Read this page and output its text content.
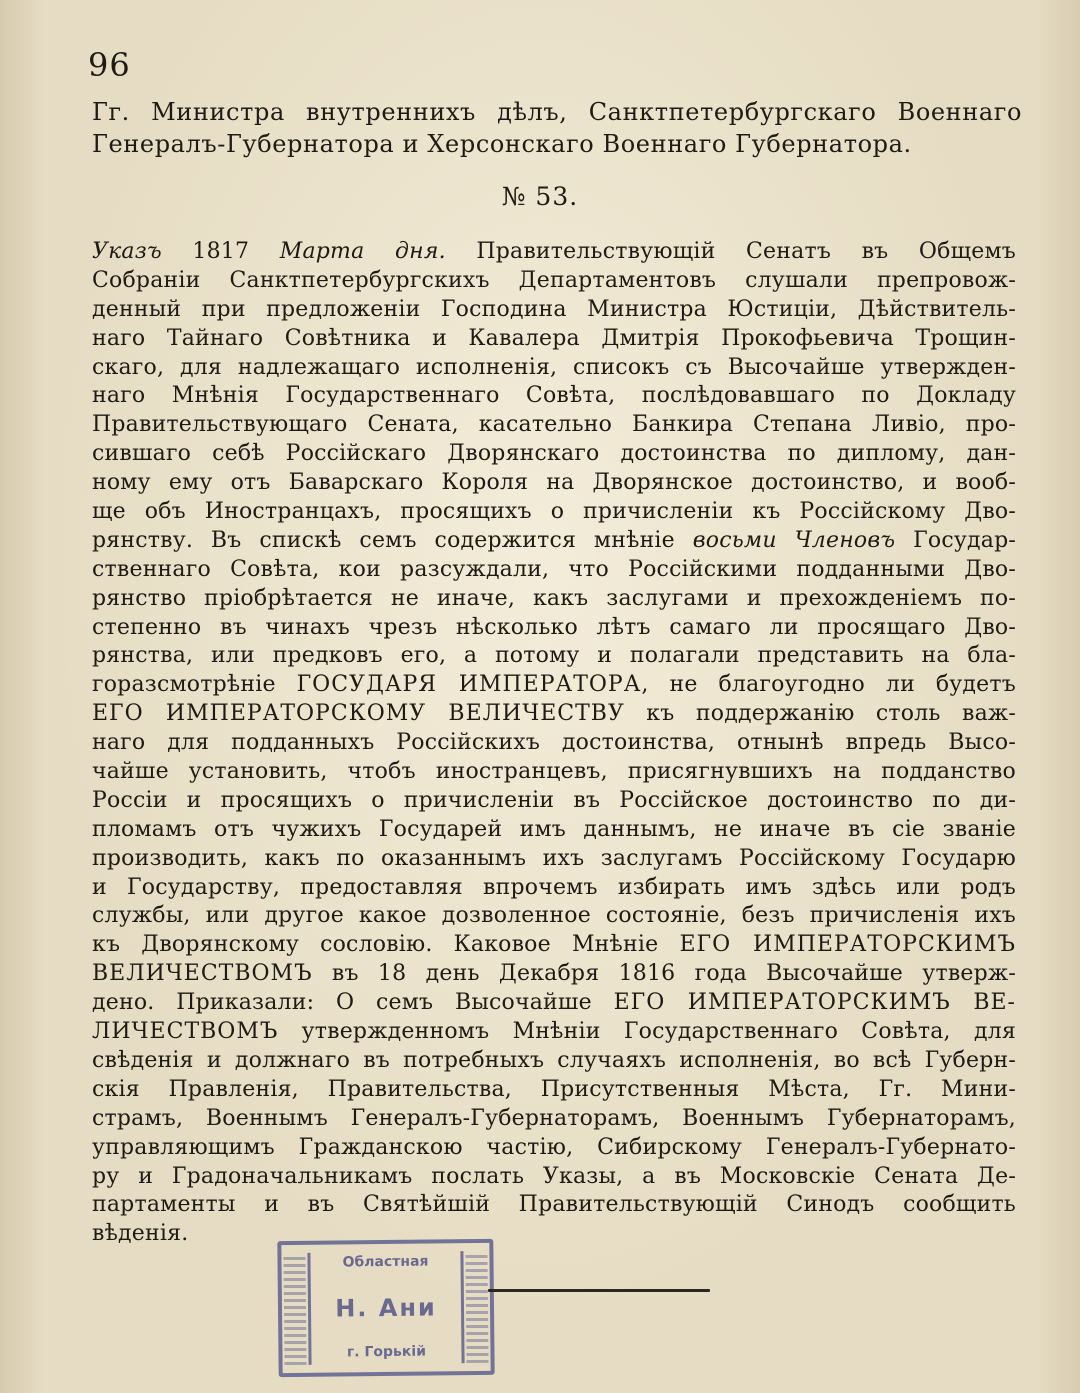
96
Гг. Министра внутреннихъ дѣлъ, Санктпетербургскаго Военнаго Генералъ-Губернатора и Херсонскаго Военнаго Губернатора.
№ 53.
Указъ 1817 Марта дня. Правительствующій Сенатъ въ Общемъ
Собраніи Санктпетербургскихъ Департаментовъ слушали препровож-
денный при предложеніи Господина Министра Юстиціи, Дѣйствитель-
наго Тайнаго Совѣтника и Кавалера Дмитрія Прокофьевича Трощин-
скаго, для надлежащаго исполненія, списокъ съ Высочайше утвержден-
наго Мнѣнія Государственнаго Совѣта, послѣдовавшаго по Докладу
Правительствующаго Сената, касательно Банкира Степана Ливіо, про-
сившаго себѣ Россійскаго Дворянскаго достоинства по диплому, дан-
ному ему отъ Баварскаго Короля на Дворянское достоинство, и вооб-
ще объ Иностранцахъ, просящихъ о причисленіи къ Россійскому Дво-
рянству. Въ спискѣ семъ содержится мнѣніе восьми Членовъ Государ-
ственнаго Совѣта, кои разсуждали, что Россійскими подданными Дво-
рянство пріобрѣтается не иначе, какъ заслугами и прехожденіемъ по-
степенно въ чинахъ чрезъ нѣсколько лѣтъ самаго ли просящаго Дво-
рянства, или предковъ его, а потому и полагали представить на бла-
горазсмотрѣніе ГОСУДАРЯ ИМПЕРАТОРА, не благоугодно ли будетъ
ЕГО ИМПЕРАТОРСКОМУ ВЕЛИЧЕСТВУ къ поддержанію столь важ-
наго для подданныхъ Россійскихъ достоинства, отнынѣ впредь Высо-
чайше установить, чтобъ иностранцевъ, присягнувшихъ на подданство
Россіи и просящихъ о причисленіи въ Россійское достоинство по ди-
пломамъ отъ чужихъ Государей имъ даннымъ, не иначе въ сіе званіе
производить, какъ по оказаннымъ ихъ заслугамъ Россійскому Государю
и Государству, предоставляя впрочемъ избирать имъ здѣсь или родъ
службы, или другое какое дозволенное состояніе, безъ причисленія ихъ
къ Дворянскому сословію. Каковое Мнѣніе ЕГО ИМПЕРАТОРСКИМЪ
ВЕЛИЧЕСТВОМЪ въ 18 день Декабря 1816 года Высочайше утверж-
дено. Приказали: О семъ Высочайше ЕГО ИМПЕРАТОРСКИМЪ ВЕ-
ЛИЧЕСТВОМЪ утвержденномъ Мнѣніи Государственнаго Совѣта, для
свѣденія и должнаго въ потребныхъ случаяхъ исполненія, во всѣ Губерн-
скія Правленія, Правительства, Присутственныя Мѣста, Гг. Мини-
страмъ, Военнымъ Генералъ-Губернаторамъ, Военнымъ Губернаторамъ,
управляющимъ Гражданскою частію, Сибирскому Генералъ-Губернато-
ру и Градоначальникамъ послать Указы, а въ Московскіе Сената Де-
партаменты и въ Святѣйшій Правительствующій Синодъ сообщить
вѣденія.
Областная
Н. Ани
г. Горькій
